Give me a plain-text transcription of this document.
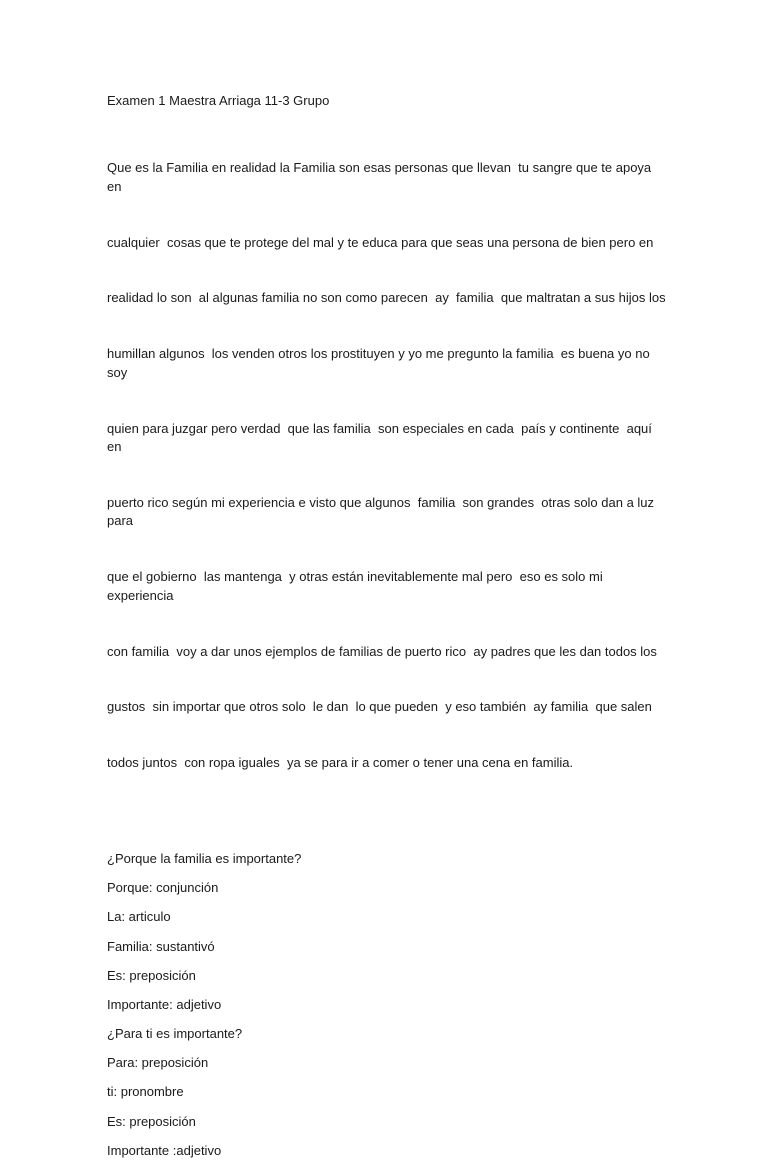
Examen 1 Maestra Arriaga 11-3 Grupo

Que es la Familia en realidad la Familia son esas personas que llevan  tu sangre que te apoya en

cualquier  cosas que te protege del mal y te educa para que seas una persona de bien pero en

realidad lo son  al algunas familia no son como parecen  ay  familia  que maltratan a sus hijos los

humillan algunos  los venden otros los prostituyen y yo me pregunto la familia  es buena yo no soy

quien para juzgar pero verdad  que las familia  son especiales en cada  país y continente  aquí en

puerto rico según mi experiencia e visto que algunos  familia  son grandes  otras solo dan a luz para

que el gobierno  las mantenga  y otras están inevitablemente mal pero  eso es solo mi experiencia

con familia  voy a dar unos ejemplos de familias de puerto rico  ay padres que les dan todos los

gustos  sin importar que otros solo  le dan  lo que pueden  y eso también  ay familia  que salen

todos juntos  con ropa iguales  ya se para ir a comer o tener una cena en familia.

¿Porque la familia es importante?

Porque: conjunción

La: articulo

Familia: sustantivó

Es: preposición

Importante: adjetivo

¿Para ti es importante?

Para: preposición

ti: pronombre

Es: preposición

Importante :adjetivo
